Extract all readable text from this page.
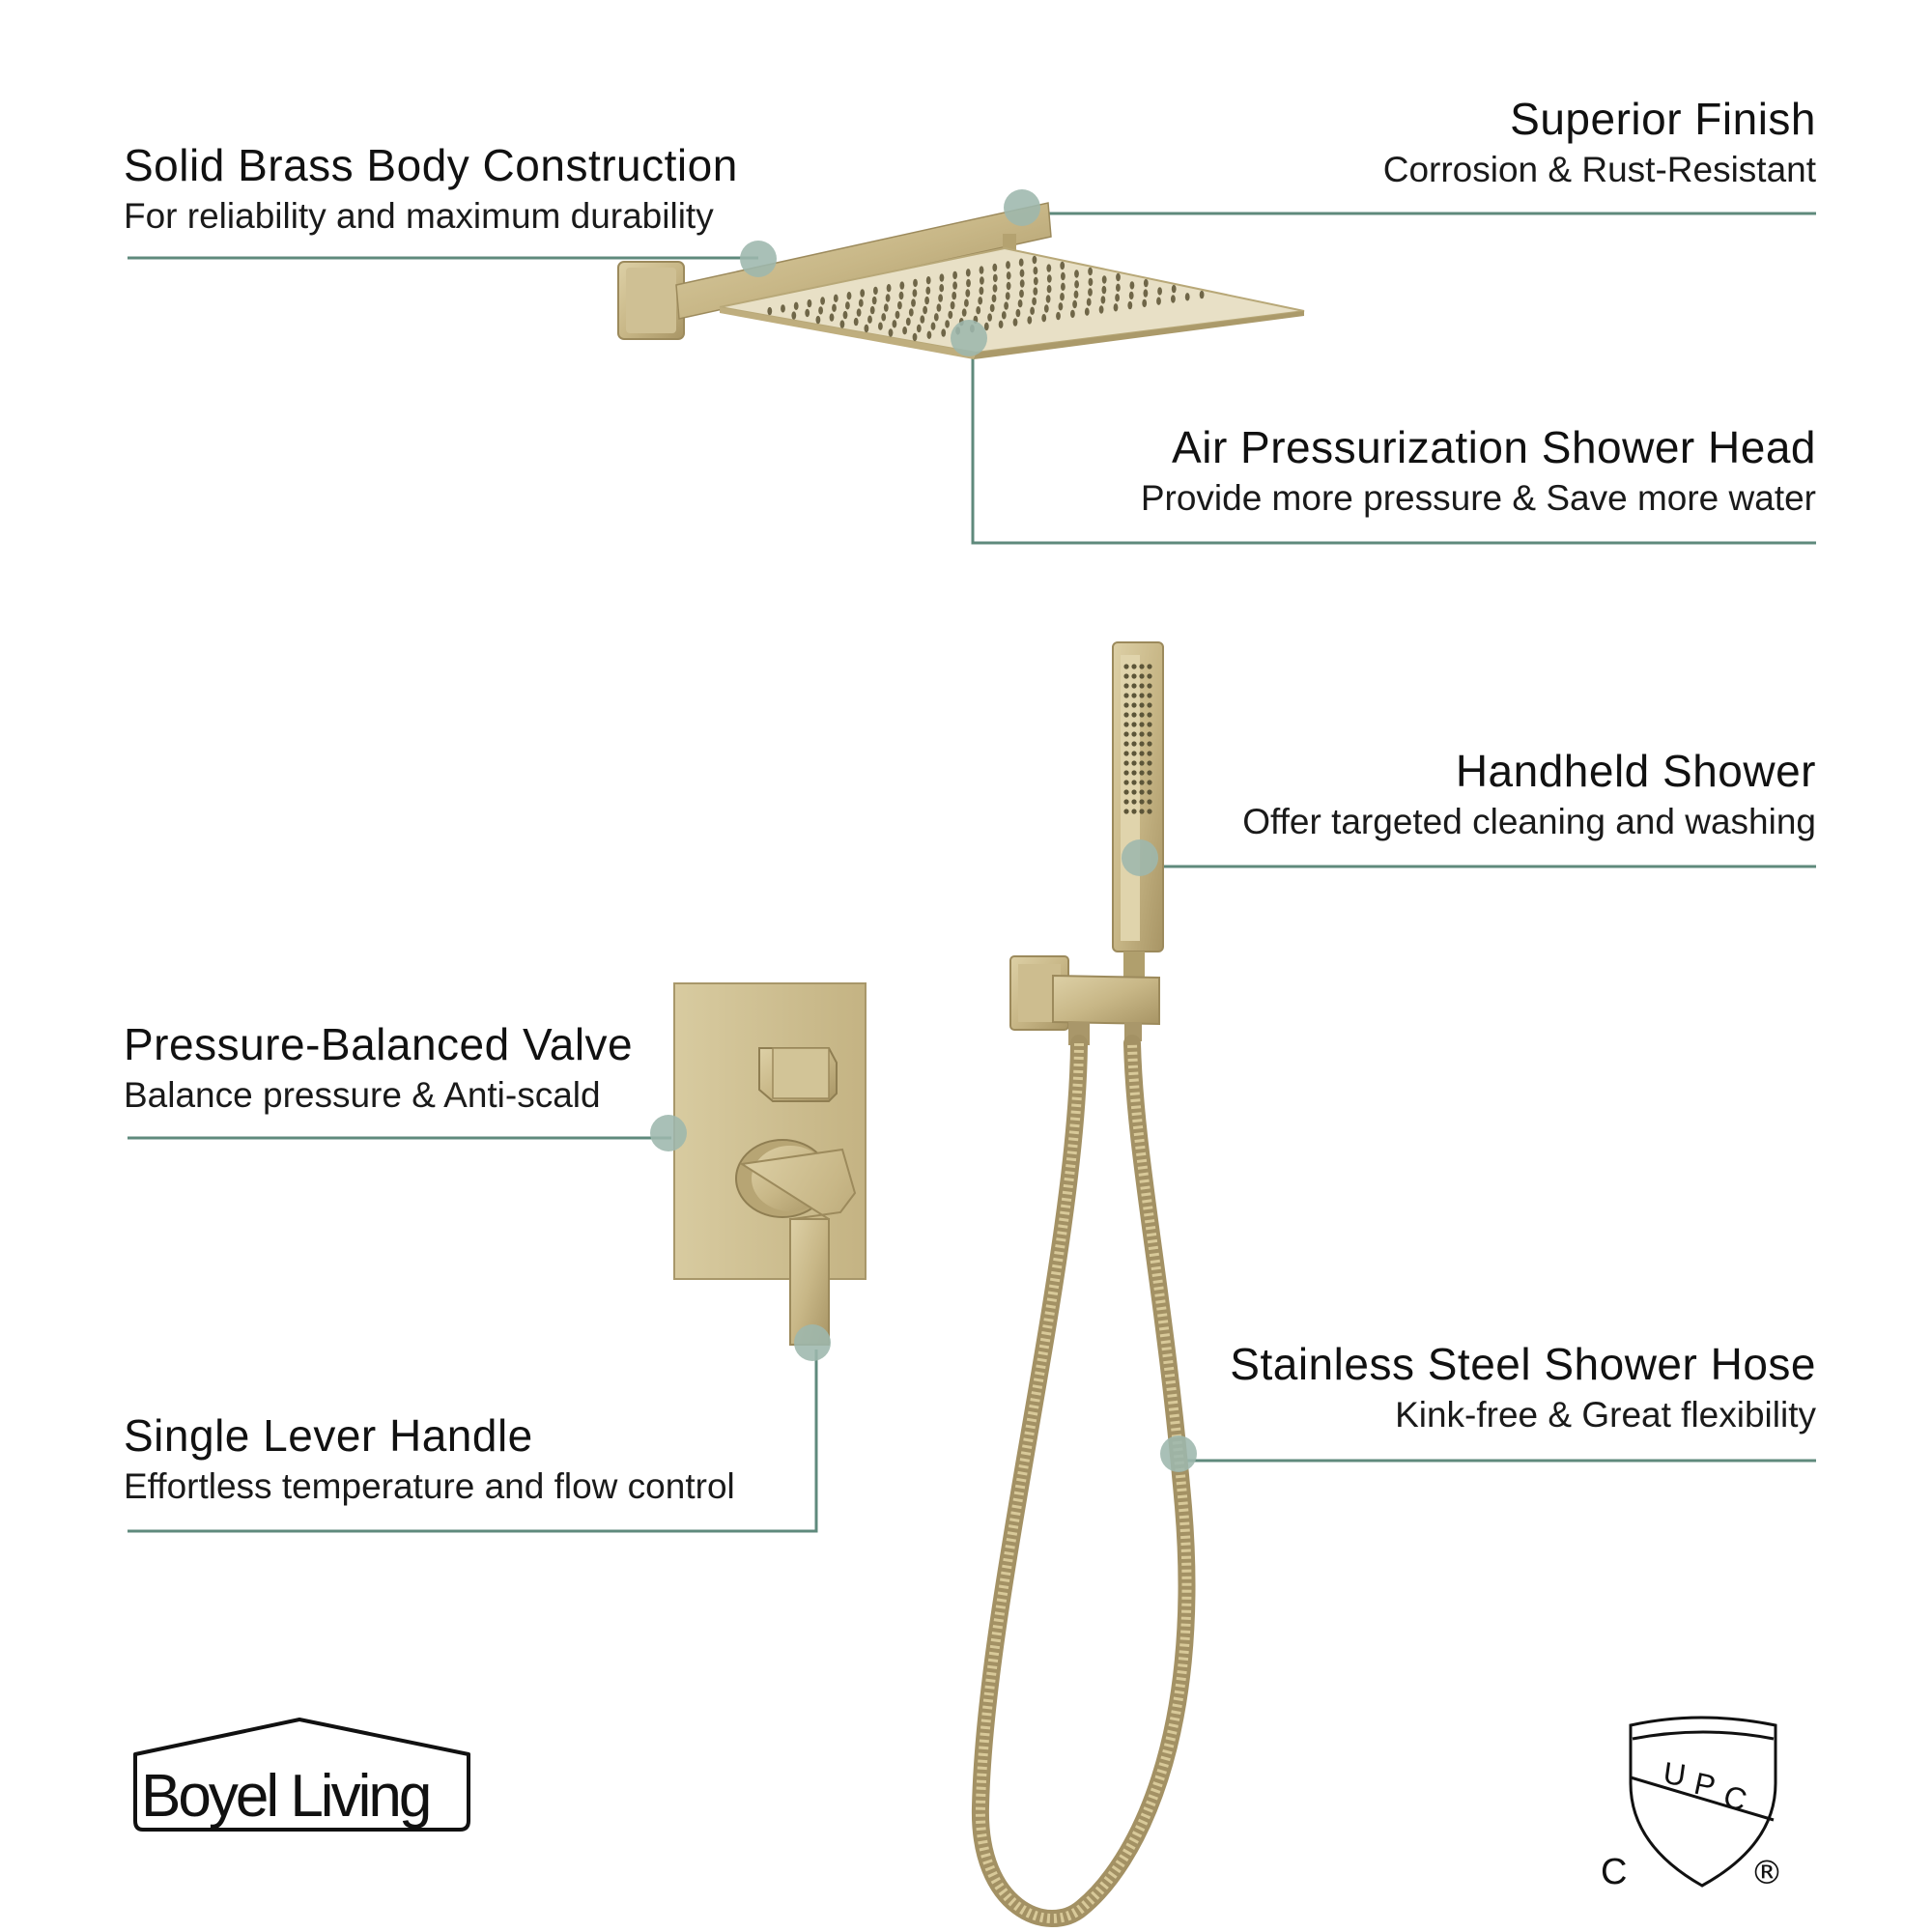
Boyel Living	U P C
C	®
Solid Brass Body Construction
For reliability and maximum durability
Superior Finish
Corrosion & Rust-Resistant
Air Pressurization Shower Head
Provide more pressure & Save more water
Handheld Shower
Offer targeted cleaning and washing
Pressure-Balanced Valve
Balance pressure & Anti-scald
Stainless Steel Shower Hose
Kink-free & Great flexibility
Single Lever Handle
Effortless temperature and flow control
